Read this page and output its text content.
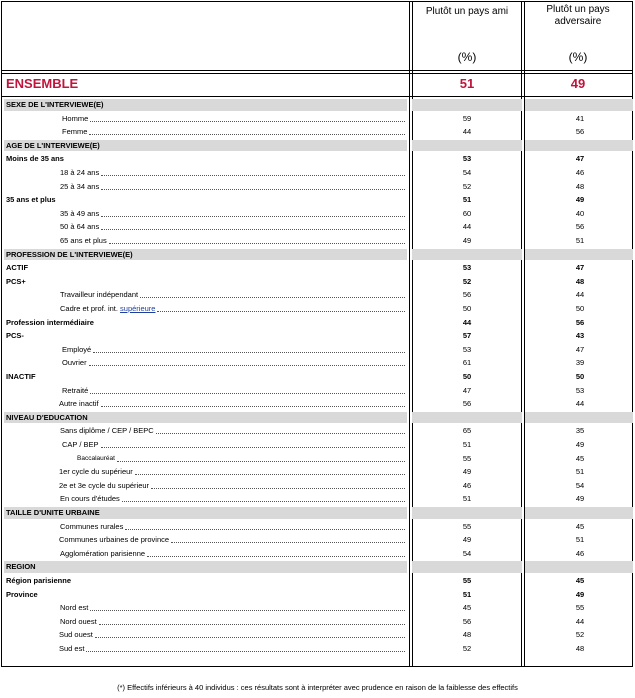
Plutôt un pays ami	Plutôt un pays
adversaire
(%)	(%)
ENSEMBLE	51	49
SEXE DE L'INTERVIEWE(E)
Homme	59	41
Femme	44	56
AGE DE L'INTERVIEWE(E)
Moins de 35 ans	53	47
18 à 24 ans	54	46
25 à 34 ans	52	48
35 ans et plus	51	49
35 à 49 ans	60	40
50 à 64 ans	44	56
65 ans et plus	49	51
PROFESSION DE L'INTERVIEWE(E)
ACTIF	53	47
PCS+	52	48
Travailleur indépendant	56	44
Cadre et prof. int. supérieure	50	50
Profession intermédiaire	44	56
PCS-	57	43
Employé	53	47
Ouvrier	61	39
INACTIF	50	50
Retraité	47	53
Autre inactif	56	44
NIVEAU D'EDUCATION
Sans diplôme / CEP / BEPC	65	35
CAP / BEP	51	49
Baccalauréat	55	45
1er cycle du supérieur	49	51
2e et 3e cycle du supérieur	46	54
En cours d'études	51	49
TAILLE D'UNITE URBAINE
Communes rurales	55	45
Communes urbaines de province	49	51
Agglomération parisienne	54	46
REGION
Région parisienne	55	45
Province	51	49
Nord est	45	55
Nord ouest	56	44
Sud ouest	48	52
Sud est	52	48
(*) Effectifs inférieurs à 40 individus : ces résultats sont à interpréter avec prudence en raison de la faiblesse des effectifs
